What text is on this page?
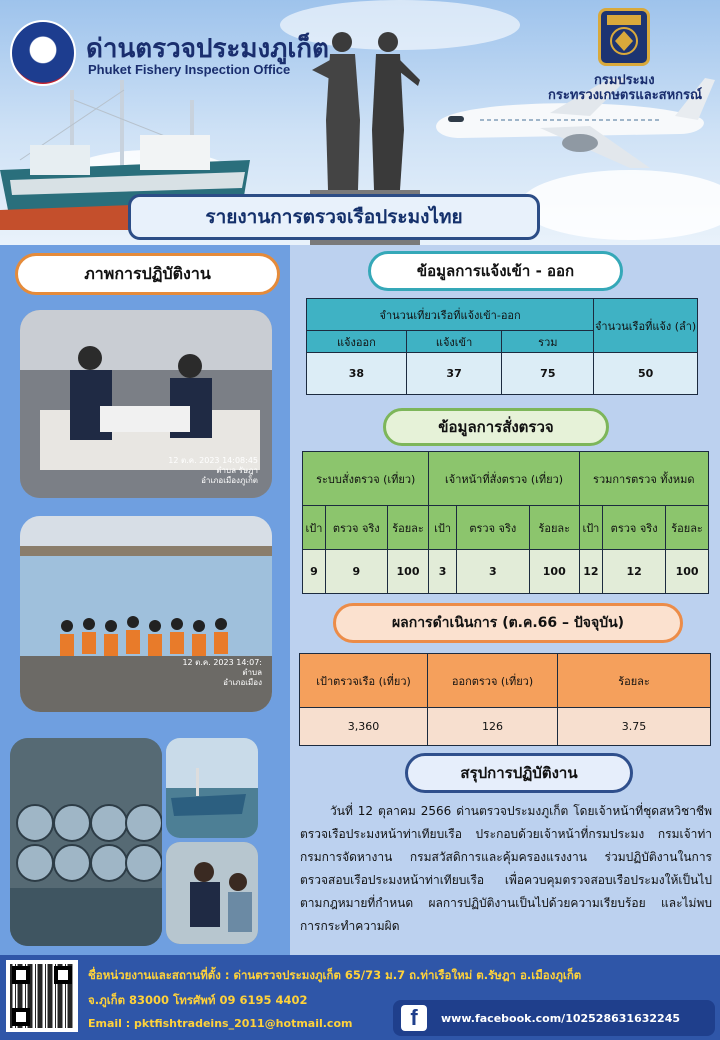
ด่านตรวจประมงภูเก็ต
Phuket Fishery Inspection Office
กรมประมง
กระทรวงเกษตรและสหกรณ์
รายงานการตรวจเรือประมงไทย
ภาพการปฏิบัติงาน
12 ต.ค. 2023 14:08:45
ตำบล รัษฎา
อำเภอเมืองภูเก็ต
12 ต.ค. 2023 14:07:
ตำบล
อำเภอเมือง
ข้อมูลการแจ้งเข้า - ออก
จำนวนเที่ยวเรือที่แจ้งเข้า-ออก			จำนวนเรือที่แจ้ง (ลำ)
แจ้งออก	แจ้งเข้า	รวม	
38	37	75	50
ข้อมูลการสั่งตรวจ
ระบบสั่งตรวจ (เที่ยว)			เจ้าหน้าที่สั่งตรวจ (เที่ยว)			รวมการตรวจ ทั้งหมด		
เป้า	ตรวจ จริง	ร้อยละ	เป้า	ตรวจ จริง	ร้อยละ	เป้า	ตรวจ จริง	ร้อยละ
9	9	100	3	3	100	12	12	100
ผลการดำเนินการ (ต.ค.66 – ปัจจุบัน)
เป้าตรวจเรือ (เที่ยว)	ออกตรวจ (เที่ยว)	ร้อยละ
3,360	126	3.75
สรุปการปฏิบัติงาน
วันที่ 12 ตุลาคม 2566 ด่านตรวจประมงภูเก็ต โดยเจ้าหน้าที่ชุดสหวิชาชีพตรวจเรือประมงหน้าท่าเทียบเรือ ประกอบด้วยเจ้าหน้าที่กรมประมง กรมเจ้าท่า กรมการจัดหางาน กรมสวัสดิการและคุ้มครองแรงงาน ร่วมปฏิบัติงานในการตรวจสอบเรือประมงหน้าท่าเทียบเรือ เพื่อควบคุมตรวจสอบเรือประมงให้เป็นไปตามกฎหมายที่กำหนด ผลการปฏิบัติงานเป็นไปด้วยความเรียบร้อย และไม่พบการกระทำความผิด
ชื่อหน่วยงานและสถานที่ตั้ง : ด่านตรวจประมงภูเก็ต 65/73 ม.7 ถ.ท่าเรือใหม่ ต.รัษฎา อ.เมืองภูเก็ต
จ.ภูเก็ต 83000 โทรศัพท์ 09 6195 4402
Email : pktfishtradeins_2011@hotmail.com	f	www.facebook.com/102528631632245
